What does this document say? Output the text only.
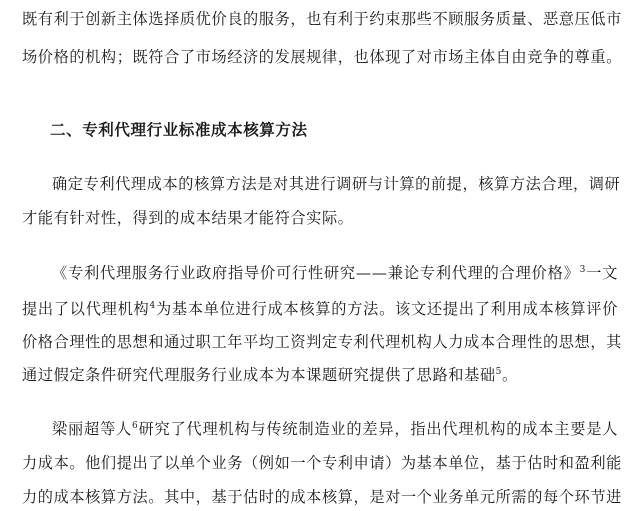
既有利于创新主体选择质优价良的服务，也有利于约束那些不顾服务质量、恶意压低市
场价格的机构；既符合了市场经济的发展规律，也体现了对市场主体自由竞争的尊重。
二、专利代理行业标准成本核算方法
确定专利代理成本的核算方法是对其进行调研与计算的前提，核算方法合理，调研
才能有针对性，得到的成本结果才能符合实际。
《专利代理服务行业政府指导价可行性研究——兼论专利代理的合理价格》$^3$一文
提出了以代理机构$^4$为基本单位进行成本核算的方法。该文还提出了利用成本核算评价
价格合理性的思想和通过职工年平均工资判定专利代理机构人力成本合理性的思想，其
通过假定条件研究代理服务行业成本为本课题研究提供了思路和基础$^5$。
梁丽超等人$^6$研究了代理机构与传统制造业的差异，指出代理机构的成本主要是人
力成本。他们提出了以单个业务（例如一个专利申请）为基本单位，基于估时和盈利能
力的成本核算方法。其中，基于估时的成本核算，是对一个业务单元所需的每个环节进
